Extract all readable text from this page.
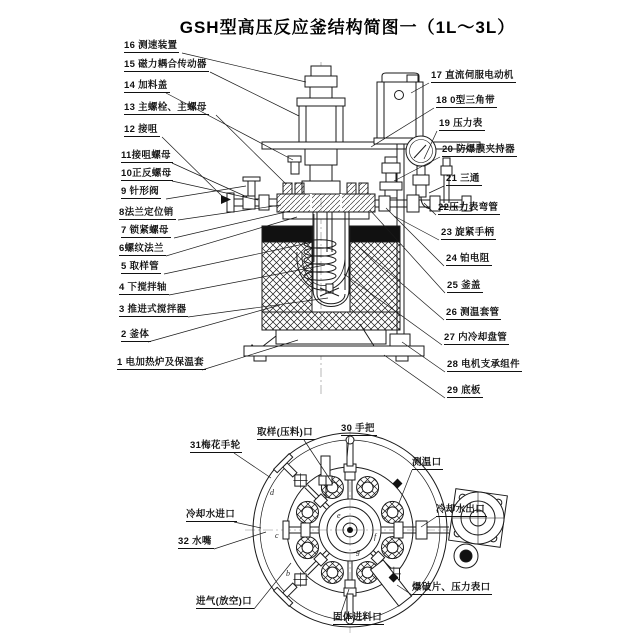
GSH型高压反应釜结构简图一（1L～3L）
16 测速装置
15 磁力耦合传动器
14 加料盖
13 主螺栓、主螺母
12 接咀
11接咀螺母
10正反螺母
9 针形阀
8法兰定位销
7 锁紧螺母
6螺纹法兰
5 取样管
4 下搅拌轴
3 推进式搅拌器
2 釜体
1 电加热炉及保温套
17 直流伺服电动机
18 0型三角带
19 压力表
20 防爆膜夹持器
21 三通
22压力表弯管
23 旋紧手柄
24 铂电阻
25 釜盖
26 测温套管
27 内冷却盘管
28 电机支承组件
29 底板
31梅花手轮
取样(压料)口	30 手把
测温口
冷却水进口	冷却水出口
32 水嘴
进气(放空)口
固体进料口
爆破片、压力表口
d
c
b
e
f
g
